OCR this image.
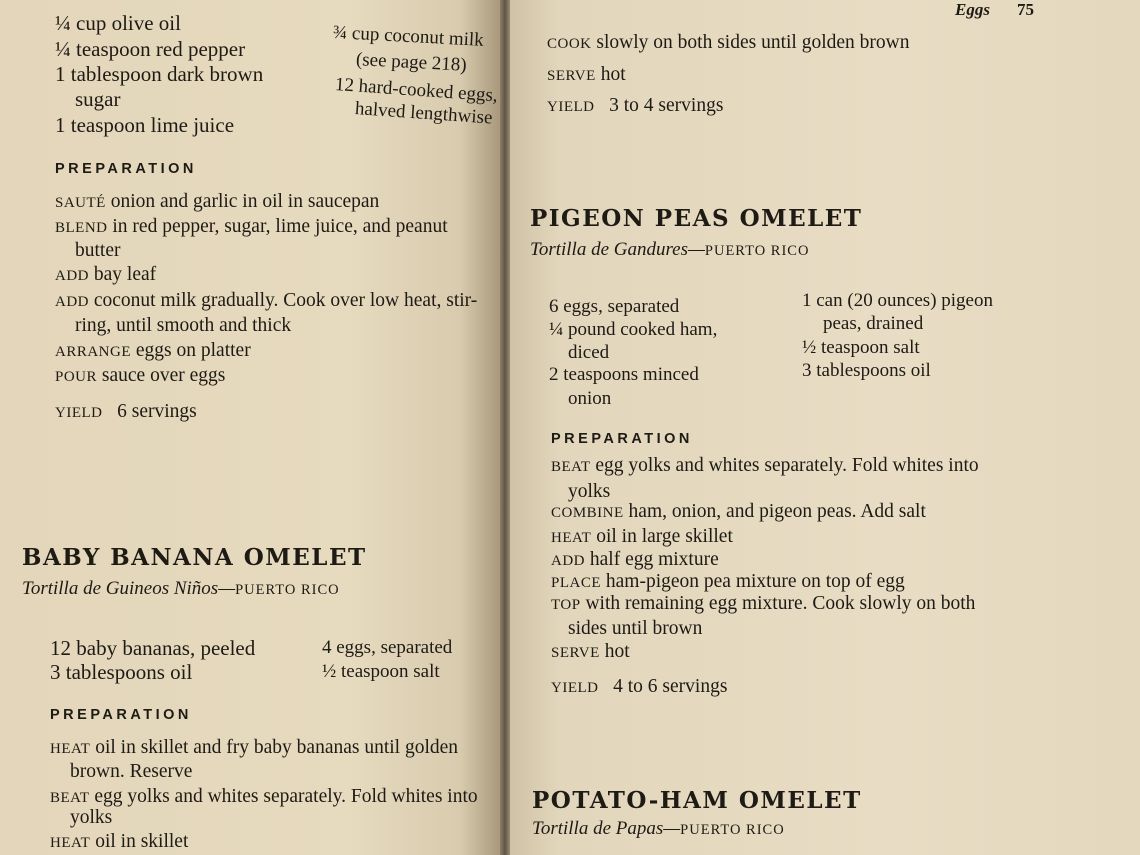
¼ cup olive oil
¼ teaspoon red pepper
1 tablespoon dark brown
sugar
1 teaspoon lime juice
¾ cup coconut milk
(see page 218)
12 hard-cooked eggs,
halved lengthwise
PREPARATION
SAUTÉ onion and garlic in oil in saucepan
BLEND in red pepper, sugar, lime juice, and peanut
butter
ADD bay leaf
ADD coconut milk gradually. Cook over low heat, stir-
ring, until smooth and thick
ARRANGE eggs on platter
POUR sauce over eggs
YIELD 6 servings
BABY BANANA OMELET
Tortilla de Guineos Niños—PUERTO RICO
12 baby bananas, peeled
3 tablespoons oil
4 eggs, separated
½ teaspoon salt
PREPARATION
HEAT oil in skillet and fry baby bananas until golden
brown. Reserve
BEAT egg yolks and whites separately. Fold whites into
yolks
HEAT oil in skillet
Eggs 75
COOK slowly on both sides until golden brown
SERVE hot
YIELD 3 to 4 servings
PIGEON PEAS OMELET
Tortilla de Gandures—PUERTO RICO
6 eggs, separated
¼ pound cooked ham,
diced
2 teaspoons minced
onion
1 can (20 ounces) pigeon
peas, drained
½ teaspoon salt
3 tablespoons oil
PREPARATION
BEAT egg yolks and whites separately. Fold whites into
yolks
COMBINE ham, onion, and pigeon peas. Add salt
HEAT oil in large skillet
ADD half egg mixture
PLACE ham-pigeon pea mixture on top of egg
TOP with remaining egg mixture. Cook slowly on both
sides until brown
SERVE hot
YIELD 4 to 6 servings
POTATO-HAM OMELET
Tortilla de Papas—PUERTO RICO
